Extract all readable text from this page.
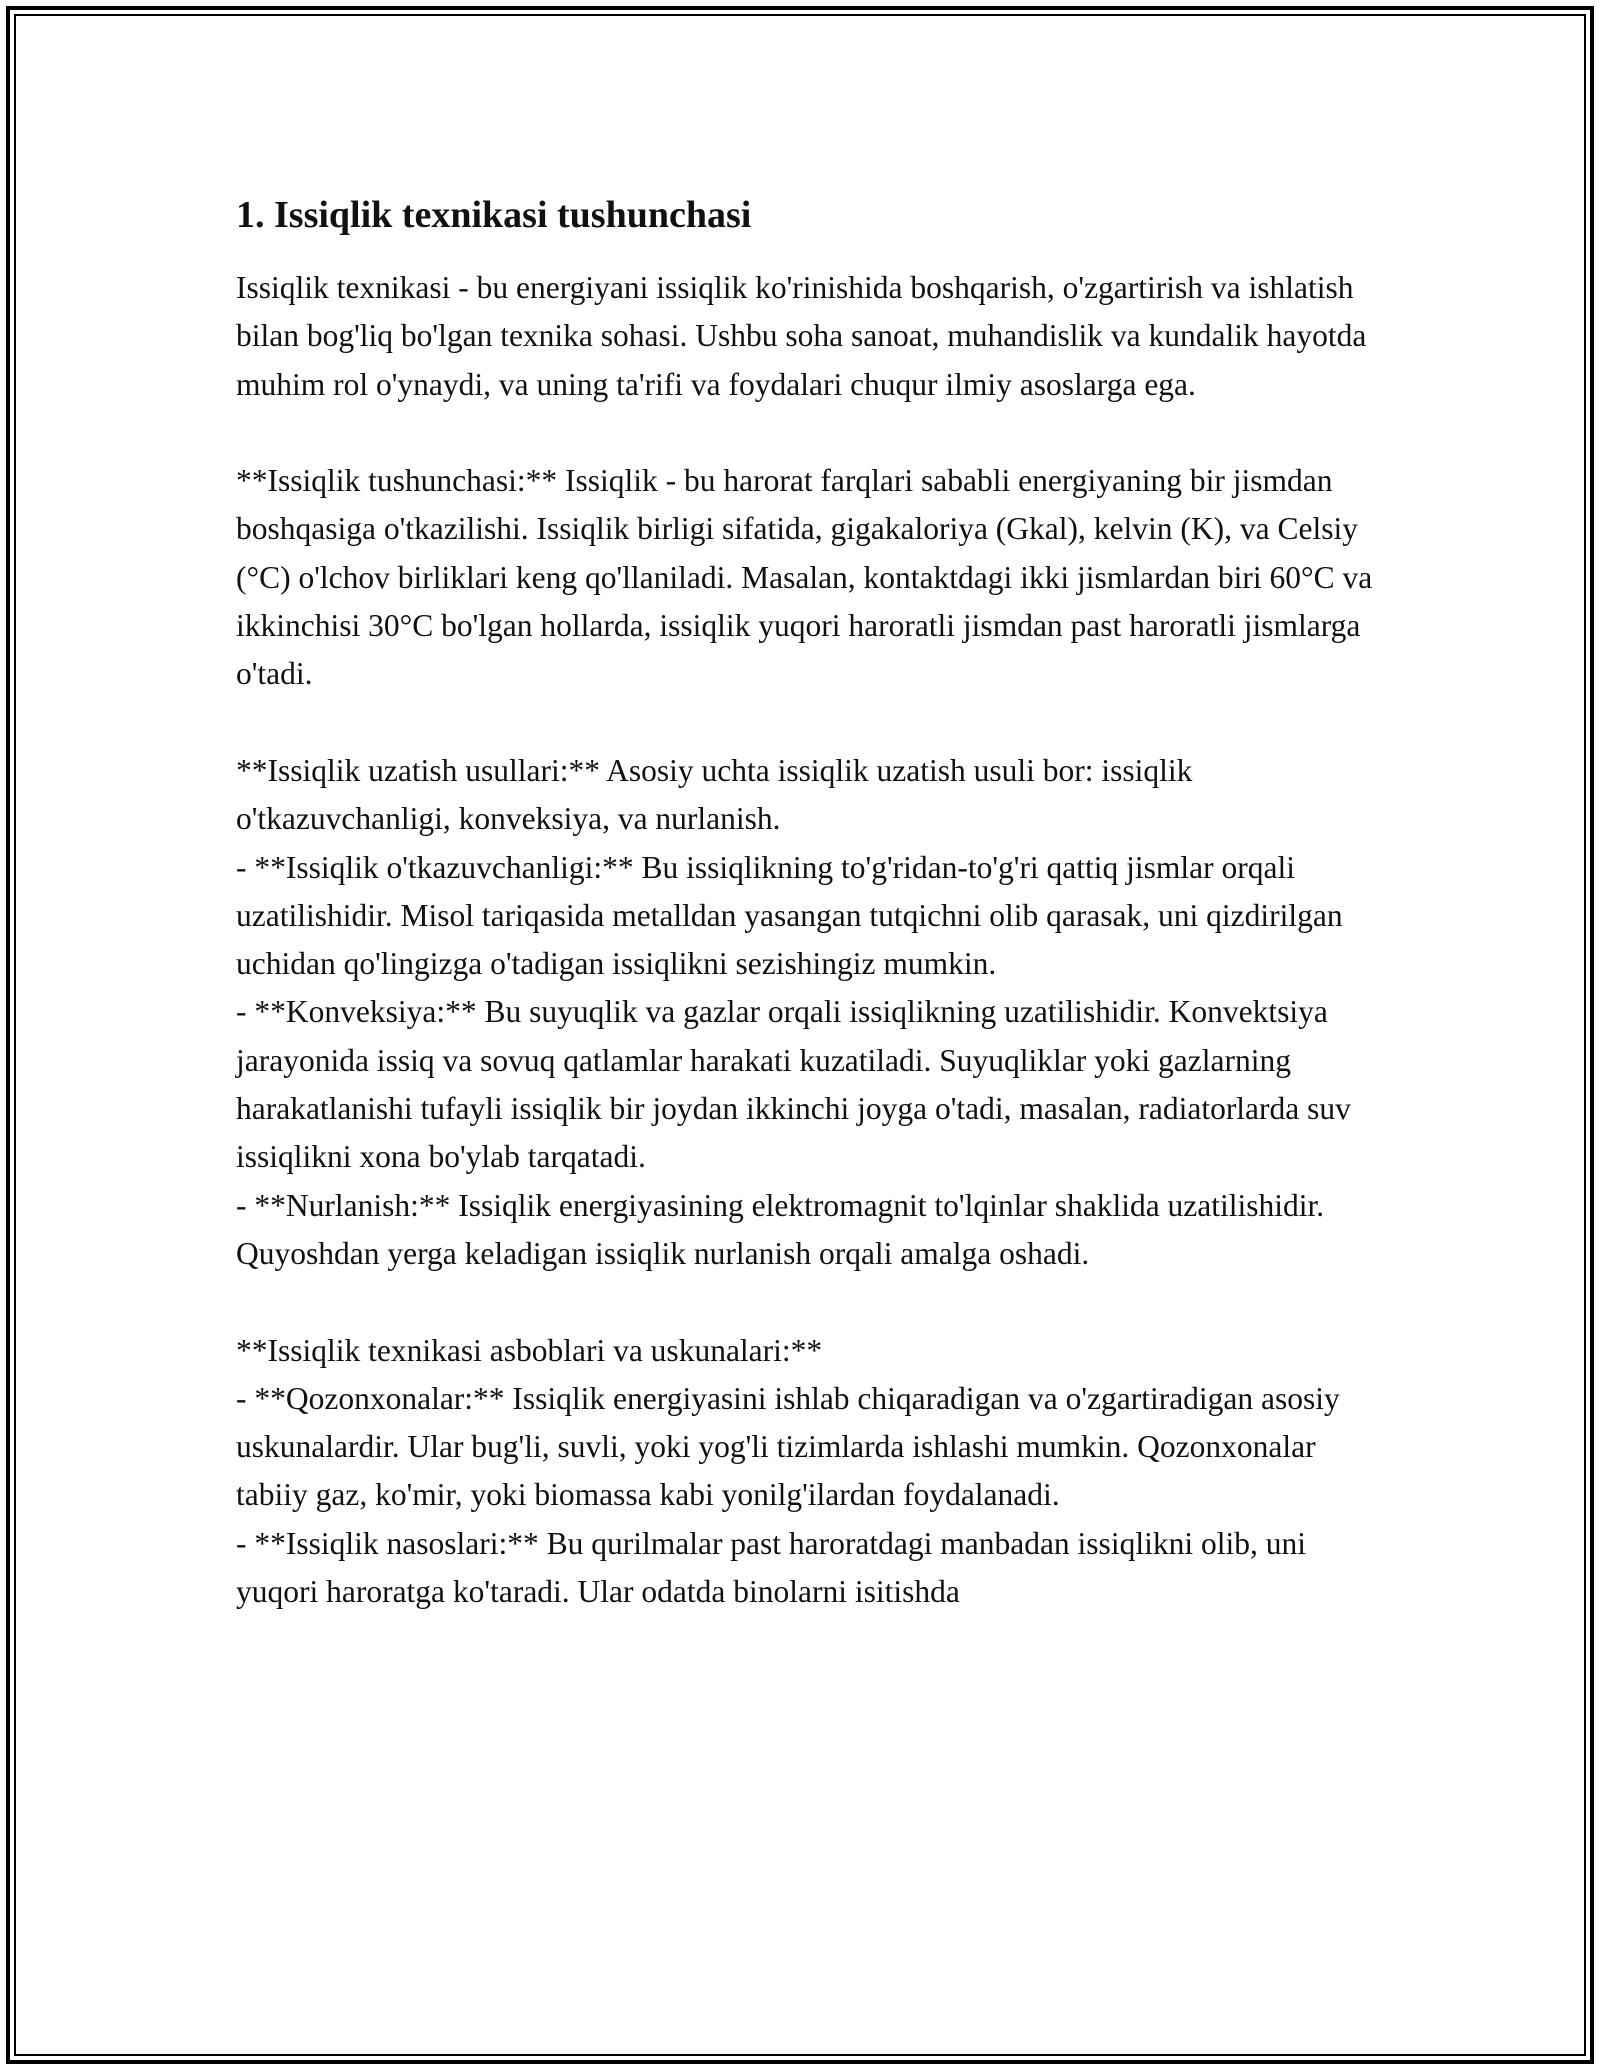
1. Issiqlik texnikasi tushunchasi

Issiqlik texnikasi - bu energiyani issiqlik ko'rinishida boshqarish, o'zgartirish va ishlatish bilan bog'liq bo'lgan texnika sohasi. Ushbu soha sanoat, muhandislik va kundalik hayotda muhim rol o'ynaydi, va uning ta'rifi va foydalari chuqur ilmiy asoslarga ega.

**Issiqlik tushunchasi:** Issiqlik - bu harorat farqlari sababli energiyaning bir jismdan boshqasiga o'tkazilishi. Issiqlik birligi sifatida, gigakaloriya (Gkal), kelvin (K), va Celsiy (°C) o'lchov birliklari keng qo'llaniladi. Masalan, kontaktdagi ikki jismlardan biri 60°C va ikkinchisi 30°C bo'lgan hollarda, issiqlik yuqori haroratli jismdan past haroratli jismlarga o'tadi.

**Issiqlik uzatish usullari:** Asosiy uchta issiqlik uzatish usuli bor: issiqlik o'tkazuvchanligi, konveksiya, va nurlanish.

- **Issiqlik o'tkazuvchanligi:** Bu issiqlikning to'g'ridan-to'g'ri qattiq jismlar orqali uzatilishidir. Misol tariqasida metalldan yasangan tutqichni olib qarasak, uni qizdirilgan uchidan qo'lingizga o'tadigan issiqlikni sezishingiz mumkin.

- **Konveksiya:** Bu suyuqlik va gazlar orqali issiqlikning uzatilishidir. Konvektsiya jarayonida issiq va sovuq qatlamlar harakati kuzatiladi. Suyuqliklar yoki gazlarning harakatlanishi tufayli issiqlik bir joydan ikkinchi joyga o'tadi, masalan, radiatorlarda suv issiqlikni xona bo'ylab tarqatadi.

- **Nurlanish:** Issiqlik energiyasining elektromagnit to'lqinlar shaklida uzatilishidir. Quyoshdan yerga keladigan issiqlik nurlanish orqali amalga oshadi.

**Issiqlik texnikasi asboblari va uskunalari:**

- **Qozonxonalar:** Issiqlik energiyasini ishlab chiqaradigan va o'zgartiradigan asosiy uskunalardir. Ular bug'li, suvli, yoki yog'li tizimlarda ishlashi mumkin. Qozonxonalar tabiiy gaz, ko'mir, yoki biomassa kabi yonilg'ilardan foydalanadi.

- **Issiqlik nasoslari:** Bu qurilmalar past haroratdagi manbadan issiqlikni olib, uni yuqori haroratga ko'taradi. Ular odatda binolarni isitishda
